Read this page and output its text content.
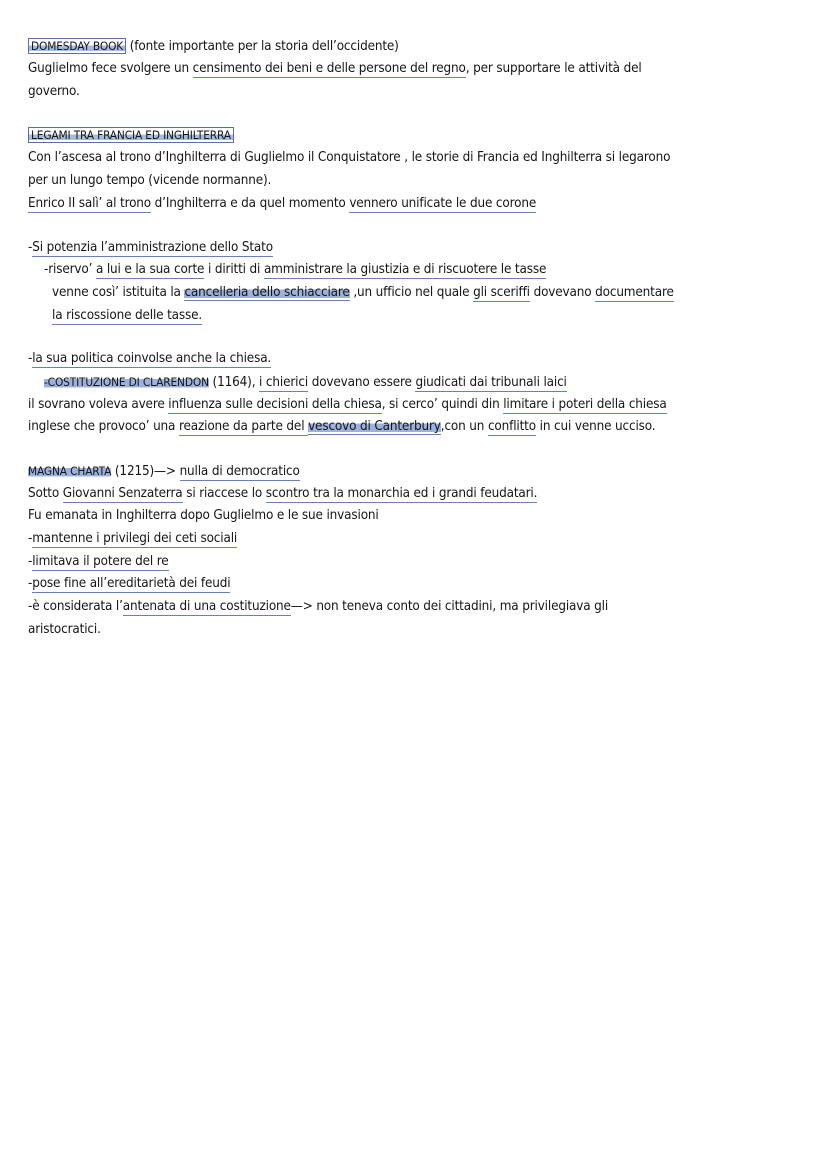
DOMESDAY BOOK (fonte importante per la storia dell’occidente)
Guglielmo fece svolgere un censimento dei beni e delle persone del regno, per supportare le attività del
governo.
LEGAMI TRA FRANCIA ED INGHILTERRA
Con l’ascesa al trono d’Inghilterra di Guglielmo il Conquistatore , le storie di Francia ed Inghilterra si legarono
per un lungo tempo (vicende normanne).
Enrico II salì’ al trono d’Inghilterra e da quel momento vennero unificate le due corone
-Si potenzia l’amministrazione dello Stato
-riservo’ a lui e la sua corte i diritti di amministrare la giustizia e di riscuotere le tasse
venne così’ istituita la cancelleria dello schiacciare ,un ufficio nel quale gli sceriffi dovevano documentare
la riscossione delle tasse.
-la sua politica coinvolse anche la chiesa.
-COSTITUZIONE DI CLARENDON (1164), i chierici dovevano essere giudicati dai tribunali laici
il sovrano voleva avere influenza sulle decisioni della chiesa, si cerco’ quindi din limitare i poteri della chiesa
inglese che provoco’ una reazione da parte del vescovo di Canterbury,con un conflitto in cui venne ucciso.
MAGNA CHARTA (1215)—> nulla di democratico
Sotto Giovanni Senzaterra si riaccese lo scontro tra la monarchia ed i grandi feudatari.
Fu emanata in Inghilterra dopo Guglielmo e le sue invasioni
-mantenne i privilegi dei ceti sociali
-limitava il potere del re
-pose fine all’ereditarietà dei feudi
-è considerata l’antenata di una costituzione—> non teneva conto dei cittadini, ma privilegiava gli
aristocratici.
